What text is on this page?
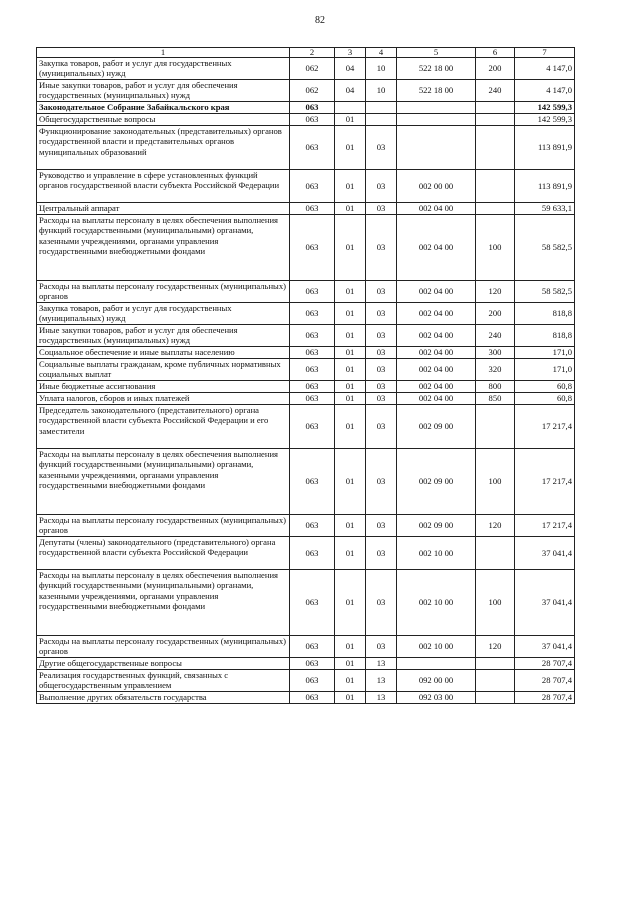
82
1	2	3	4	5	6	7
Закупка товаров, работ и услуг для государственных (муниципальных) нужд	062	04	10	522 18 00	200	4 147,0
Иные закупки товаров, работ и услуг для обеспечения государственных (муниципальных) нужд	062	04	10	522 18 00	240	4 147,0
Законодательное Собрание Забайкальского края	063					142 599,3
Общегосударственные вопросы	063	01				142 599,3
Функционирование законодательных (представительных) органов государственной власти и представительных органов муниципальных образований	063	01	03			113 891,9
Руководство и управление в сфере установленных функций органов государственной власти субъекта Российской Федерации	063	01	03	002 00 00		113 891,9
Центральный аппарат	063	01	03	002 04 00		59 633,1
Расходы на выплаты персоналу в целях обеспечения выполнения функций государственными (муниципальными) органами, казенными учреждениями, органами управления государственными внебюджетными фондами	063	01	03	002 04 00	100	58 582,5
Расходы на выплаты персоналу государственных (муниципальных) органов	063	01	03	002 04 00	120	58 582,5
Закупка товаров, работ и услуг для государственных (муниципальных) нужд	063	01	03	002 04 00	200	818,8
Иные закупки товаров, работ и услуг для обеспечения государственных (муниципальных) нужд	063	01	03	002 04 00	240	818,8
Социальное обеспечение и иные выплаты населению	063	01	03	002 04 00	300	171,0
Социальные выплаты гражданам, кроме публичных нормативных социальных выплат	063	01	03	002 04 00	320	171,0
Иные бюджетные ассигнования	063	01	03	002 04 00	800	60,8
Уплата налогов, сборов и иных платежей	063	01	03	002 04 00	850	60,8
Председатель законодательного (представительного) органа государственной власти субъекта Российской Федерации и его заместители	063	01	03	002 09 00		17 217,4
Расходы на выплаты персоналу в целях обеспечения выполнения функций государственными (муниципальными) органами, казенными учреждениями, органами управления государственными внебюджетными фондами	063	01	03	002 09 00	100	17 217,4
Расходы на выплаты персоналу государственных (муниципальных) органов	063	01	03	002 09 00	120	17 217,4
Депутаты (члены) законодательного (представительного) органа государственной власти субъекта Российской Федерации	063	01	03	002 10 00		37 041,4
Расходы на выплаты персоналу в целях обеспечения выполнения функций государственными (муниципальными) органами, казенными учреждениями, органами управления государственными внебюджетными фондами	063	01	03	002 10 00	100	37 041,4
Расходы на выплаты персоналу государственных (муниципальных) органов	063	01	03	002 10 00	120	37 041,4
Другие общегосударственные вопросы	063	01	13			28 707,4
Реализация государственных функций, связанных с общегосударственным управлением	063	01	13	092 00 00		28 707,4
Выполнение других обязательств государства	063	01	13	092 03 00		28 707,4
